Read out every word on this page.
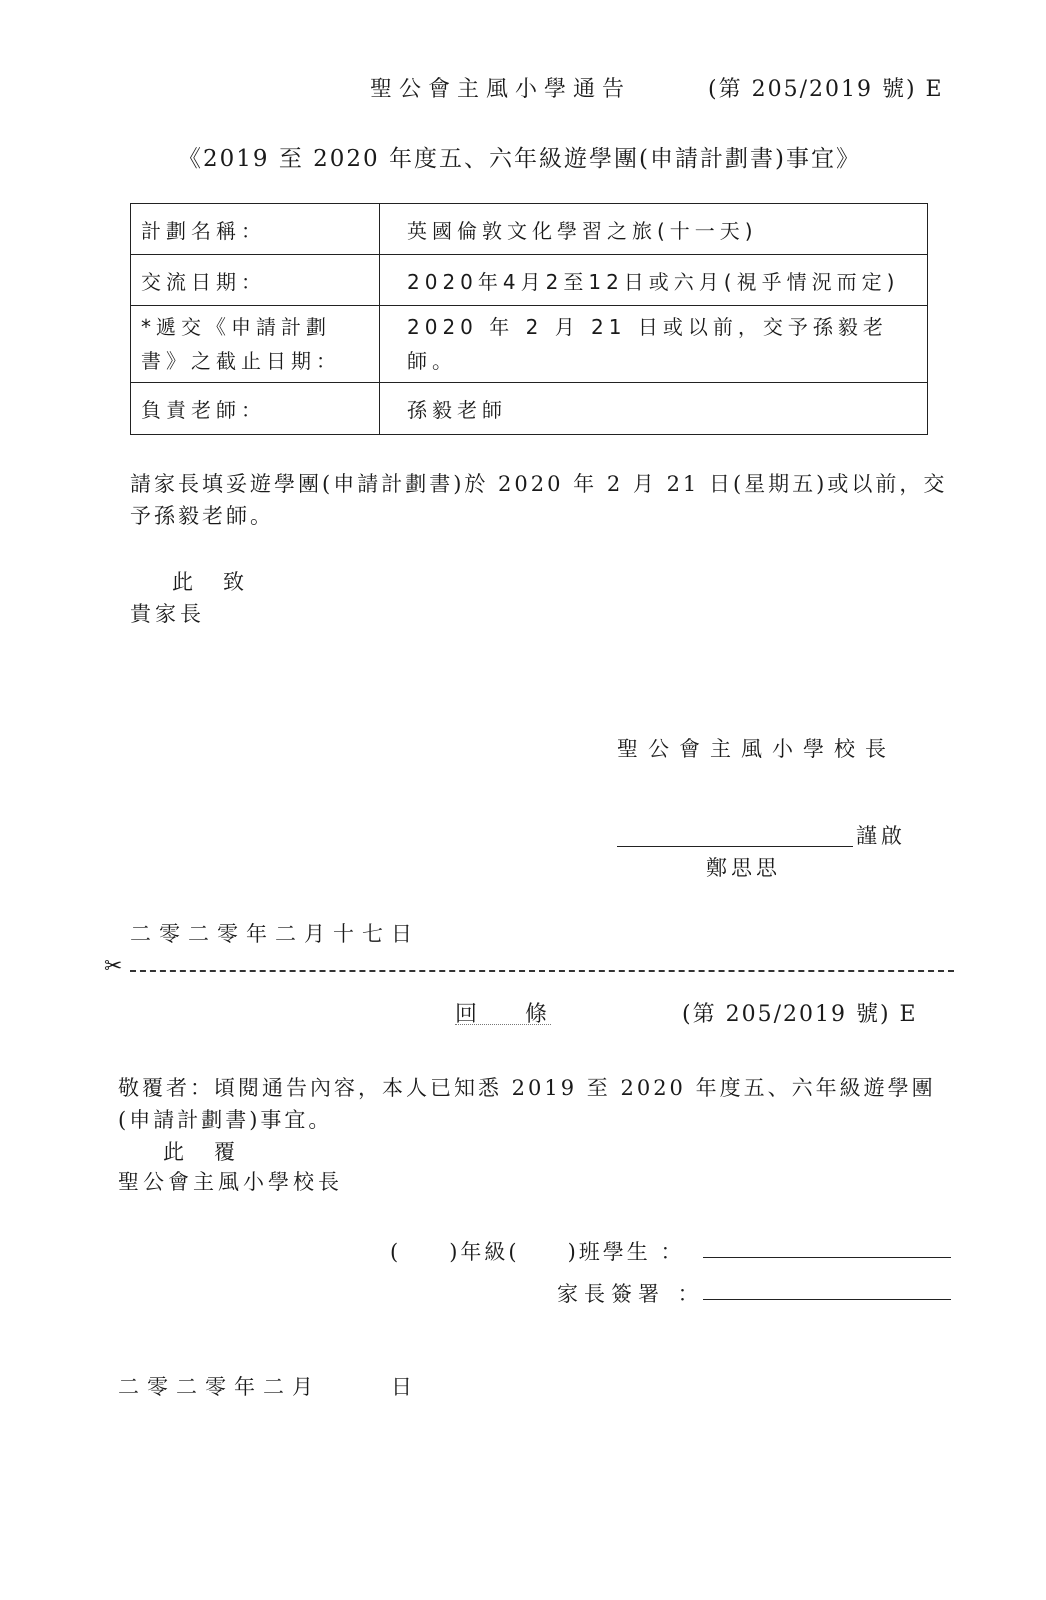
聖公會主風小學通告	(第 205/2019 號) E
《2019 至 2020 年度五、六年級遊學團(申請計劃書)事宜》
計劃名稱：	英國倫敦文化學習之旅(十一天)
交流日期：	2020年4月2至12日或六月(視乎情況而定)

*遞交《申請計劃
書》之截止日期：	2020 年 2 月 21 日或以前，交予孫毅老師。
負責老師：	孫毅老師
請家長填妥遊學團(申請計劃書)於 2020 年 2 月 21 日(星期五)或以前，交予孫毅老師。
此致
貴家長
聖公會主風小學校長
謹啟
鄭思思
二零二零年二月十七日
✂
回 條	(第 205/2019 號) E
敬覆者：頃閱通告內容，本人已知悉 2019 至 2020 年度五、六年級遊學團(申請計劃書)事宜。
此覆
聖公會主風小學校長
(　　)年級(　　)班學生 ：
家長簽署 ：
二零二零年二月	日
